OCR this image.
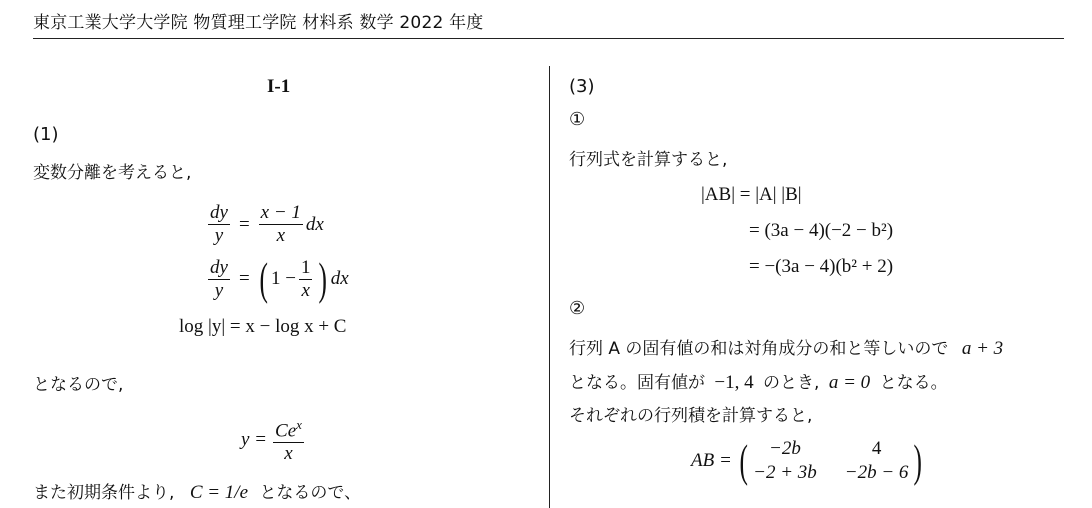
東京工業大学大学院 物質理工学院 材料系 数学 2022 年度
I-1
(1)
変数分離を考えると,
$\frac{dy}{y} = \frac{x - 1}{x}$ dx
$\frac{dy}{y}$ = ( $1 - \frac{1}{x}$ ) dx
log |y| = x − log x + C
となるので,
$y = \frac{Ce^x}{x}$
また初期条件より, C = 1/e となるので、
(3)
①
行列式を計算すると,
|AB| = |A| |B|
= (3a − 4)(−2 − b²)
= −(3a − 4)(b² + 2)
②
行列 A の固有値の和は対角成分の和と等しいので a + 3
となる。固有値が −1, 4 のとき, a = 0 となる。
それぞれの行列積を計算すると,
AB = (	−2b	4
−2 + 3b −2b − 6 )
